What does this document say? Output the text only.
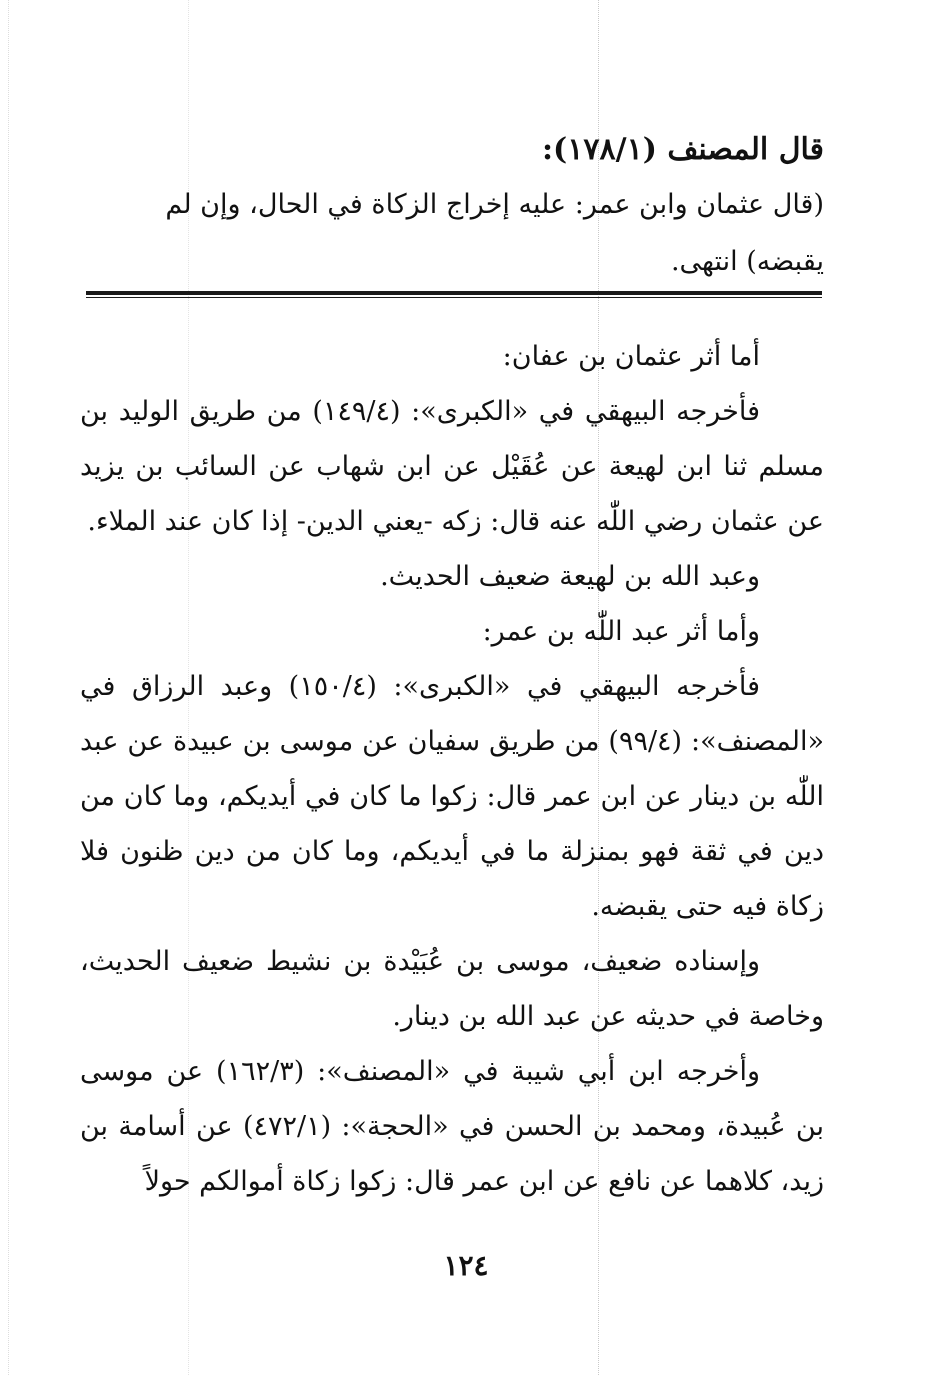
قال المصنف (١٧٨/١):
(قال عثمان وابن عمر: عليه إخراج الزكاة في الحال، وإن لم
يقبضه) انتهى.

أما أثر عثمان بن عفان:

فأخرجه البيهقي في «الكبرى»: (١٤٩/٤) من طريق الوليد بن مسلم ثنا ابن لهيعة عن عُقَيْل عن ابن شهاب عن السائب بن يزيد عن عثمان رضي اللّٰه عنه قال: زكه -يعني الدين- إذا كان عند الملاء.

وعبد الله بن لهيعة ضعيف الحديث.

وأما أثر عبد اللّٰه بن عمر:

فأخرجه البيهقي في «الكبرى»: (١٥٠/٤) وعبد الرزاق في «المصنف»: (٩٩/٤) من طريق سفيان عن موسى بن عبيدة عن عبد اللّٰه بن دينار عن ابن عمر قال: زكوا ما كان في أيديكم، وما كان من دين في ثقة فهو بمنزلة ما في أيديكم، وما كان من دين ظنون فلا زكاة فيه حتى يقبضه.

وإسناده ضعيف، موسى بن عُبَيْدة بن نشيط ضعيف الحديث، وخاصة في حديثه عن عبد الله بن دينار.

وأخرجه ابن أبي شيبة في «المصنف»: (١٦٢/٣) عن موسى بن عُبيدة، ومحمد بن الحسن في «الحجة»: (٤٧٢/١) عن أسامة بن زيد، كلاهما عن نافع عن ابن عمر قال: زكوا زكاة أموالكم حولاً

١٢٤
